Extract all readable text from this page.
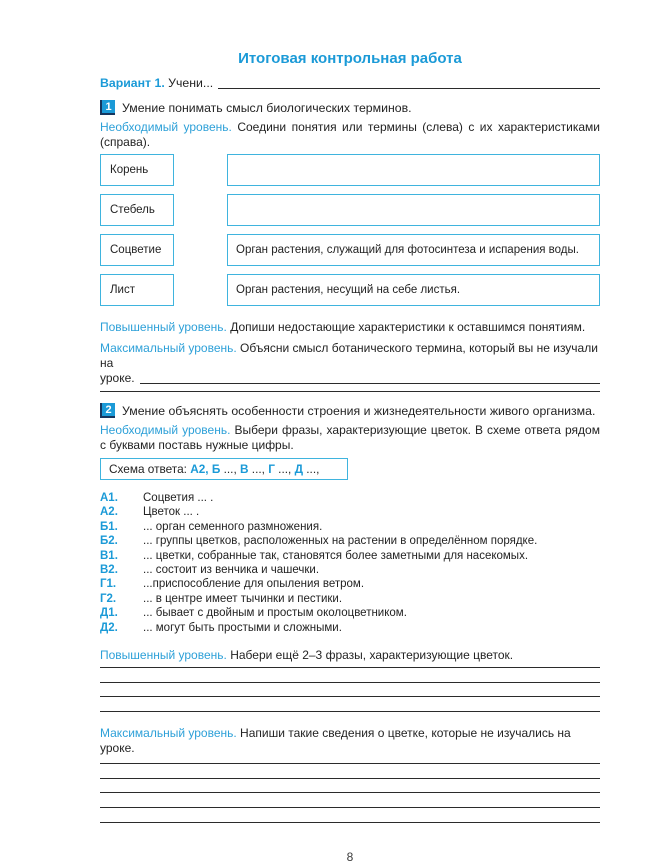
Итоговая контрольная работа
Вариант 1. Учени...
1 Умение понимать смысл биологических терминов.
Необходимый уровень. Соедини понятия или термины (слева) с их характеристиками (справа).
Корень
Стебель
Соцветие	Орган растения, служащий для фотосинтеза и испарения воды.
Лист	Орган растения, несущий на себе листья.
Повышенный уровень. Допиши недостающие характеристики к оставшимся понятиям.
Максимальный уровень. Объясни смысл ботанического термина, который вы не изучали на
уроке.
2 Умение объяснять особенности строения и жизнедеятельности живого организма.
Необходимый уровень. Выбери фразы, характеризующие цветок. В схеме ответа рядом с буквами поставь нужные цифры.
Схема ответа: А2,
Б ..., В ..., Г ..., Д ...,
А1.	Соцветия ... .
А2.	Цветок ... .
Б1.	... орган семенного размножения.
Б2.	... группы цветков, расположенных на растении в определённом порядке.
В1.	... цветки, собранные так, становятся более заметными для насекомых.
В2.	... состоит из венчика и чашечки.
Г1.	...приспособление для опыления ветром.
Г2.	... в центре имеет тычинки и пестики.
Д1.	... бывает с двойным и простым околоцветником.
Д2.	... могут быть простыми и сложными.
Повышенный уровень. Набери ещё 2–3 фразы, характеризующие цветок.
Максимальный уровень. Напиши такие сведения о цветке, которые не изучались на уроке.
8
